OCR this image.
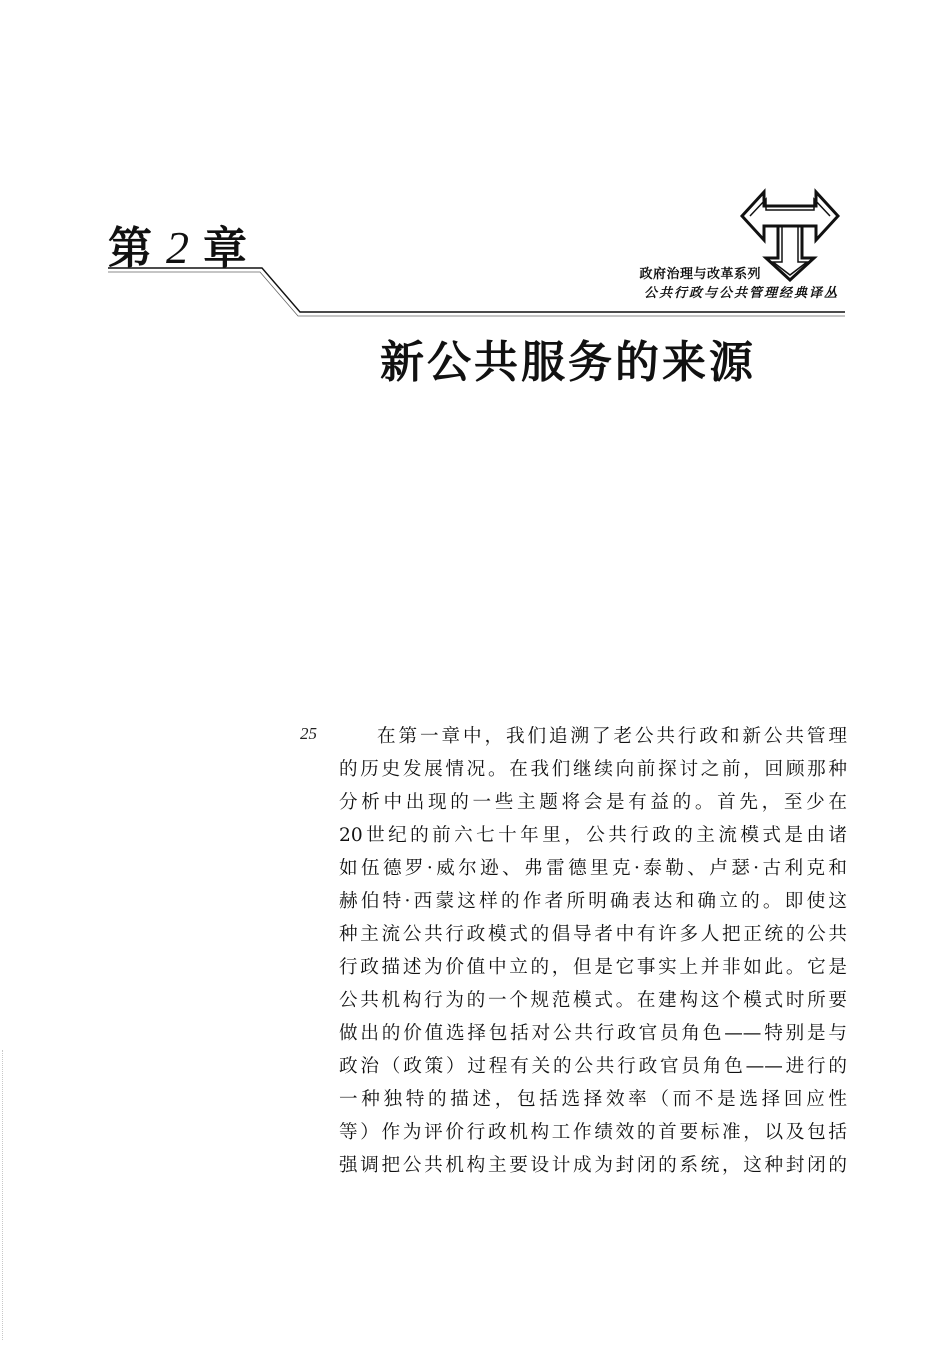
第 2 章
政府治理与改革系列
公共行政与公共管理经典译丛
新公共服务的来源
25	在第一章中，我们追溯了老公共行政和新公共管理
的历史发展情况。在我们继续向前探讨之前，回顾那种
分析中出现的一些主题将会是有益的。首先，至少在
20世纪的前六七十年里，公共行政的主流模式是由诸
如伍德罗·威尔逊、弗雷德里克·泰勒、卢瑟·古利克和
赫伯特·西蒙这样的作者所明确表达和确立的。即使这
种主流公共行政模式的倡导者中有许多人把正统的公共
行政描述为价值中立的，但是它事实上并非如此。它是
公共机构行为的一个规范模式。在建构这个模式时所要
做出的价值选择包括对公共行政官员角色——特别是与
政治（政策）过程有关的公共行政官员角色——进行的
一种独特的描述，包括选择效率（而不是选择回应性
等）作为评价行政机构工作绩效的首要标准，以及包括
强调把公共机构主要设计成为封闭的系统，这种封闭的
